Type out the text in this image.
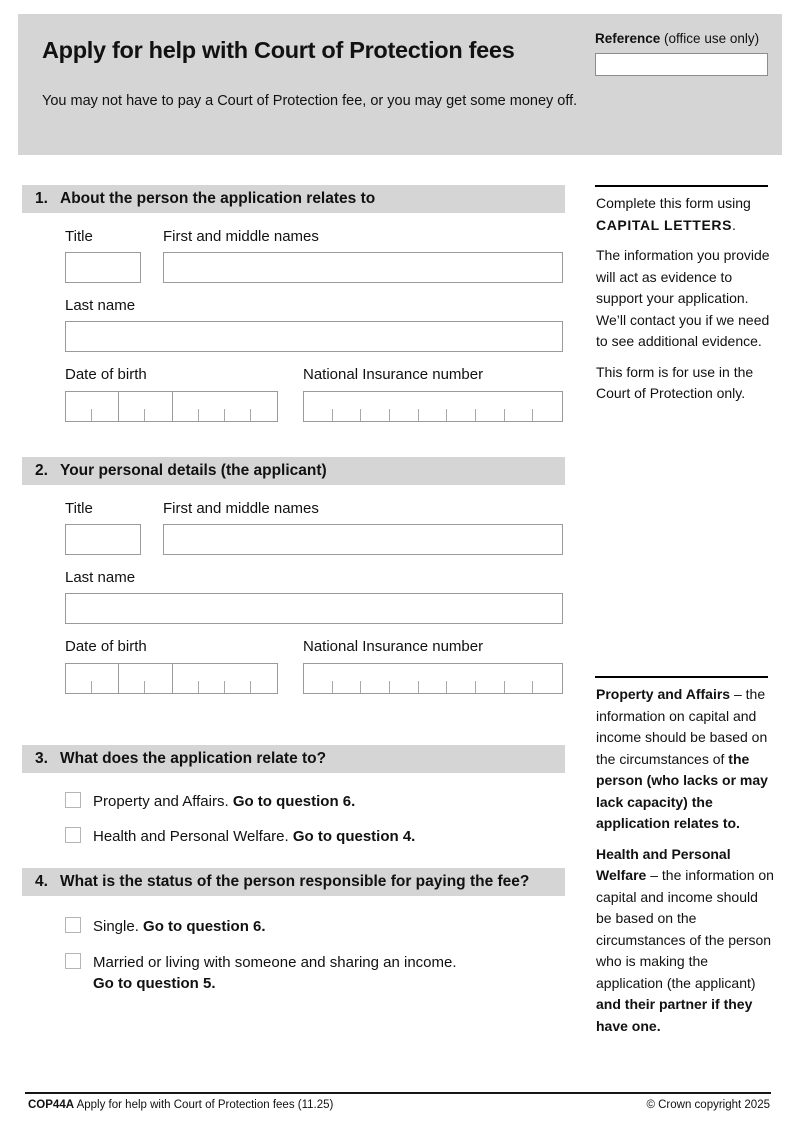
Apply for help with Court of Protection fees
You may not have to pay a Court of Protection fee, or you may get some money off.
Reference (office use only)
1. About the person the application relates to
Title	First and middle names
Last name
Date of birth	National Insurance number
2. Your personal details (the applicant)
Title	First and middle names
Last name
Date of birth	National Insurance number
3. What does the application relate to?
Property and Affairs. Go to question 6.
Health and Personal Welfare. Go to question 4.
4. What is the status of the person responsible for paying the fee?
Single. Go to question 6.
Married or living with someone and sharing an income.
Go to question 5.

Complete this form using CAPITAL LETTERS.

The information you provide will act as evidence to support your application. We’ll contact you if we need to see additional evidence.

This form is for use in the Court of Protection only.

Property and Affairs – the information on capital and income should be based on the circumstances of the person (who lacks or may lack capacity) the application relates to.

Health and Personal Welfare – the information on capital and income should be based on the circumstances of the person who is making the application (the applicant) and their partner if they have one.

COP44A Apply for help with Court of Protection fees (11.25)	© Crown copyright 2025
